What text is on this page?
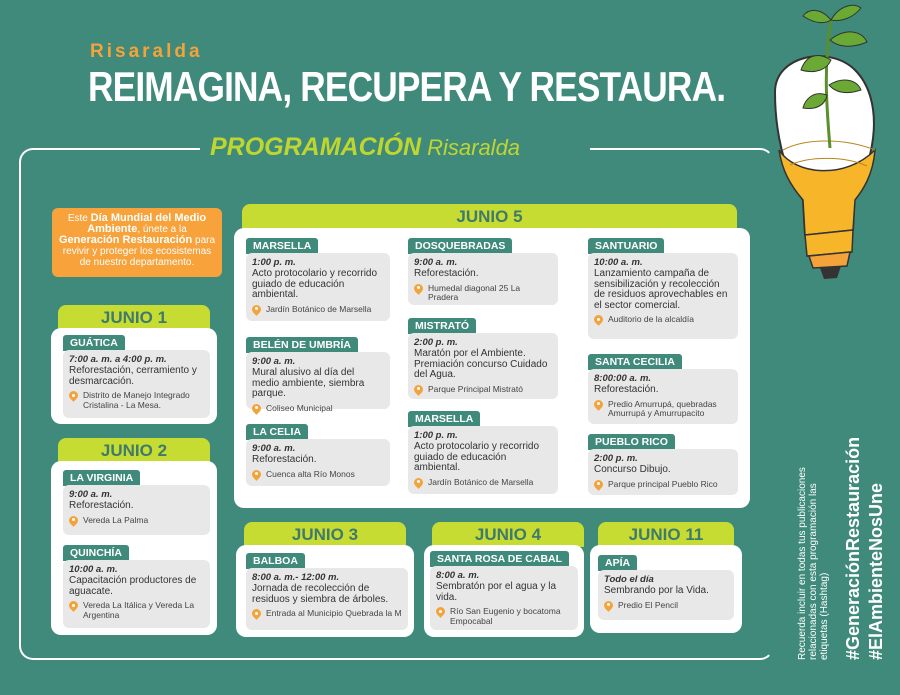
Risaralda
REIMAGINA, RECUPERA Y RESTAURA.
PROGRAMACIÓN Risaralda
Este Día Mundial del Medio Ambiente, únete a la Generación Restauración para revivir y proteger los ecosistemas de nuestro departamento.
JUNIO 1
GUÁTICA
7:00 a. m. a 4:00 p. m.
Reforestación, cerramiento y desmarcación.
Distrito de Manejo Integrado Cristalina - La Mesa.
JUNIO 2
LA VIRGINIA
9:00 a. m.
Reforestación.
Vereda La Palma
QUINCHÍA
10:00 a. m.
Capacitación productores de aguacate.
Vereda La Itálica y Vereda La Argentina
JUNIO 5
MARSELLA
1:00 p. m.
Acto protocolario y recorrido guiado de educación ambiental.
Jardín Botánico de Marsella
BELÉN DE UMBRÍA
9:00 a. m.
Mural alusivo al día del medio ambiente, siembra parque.
Coliseo Municipal
LA CELIA
9:00 a. m.
Reforestación.
Cuenca alta Río Monos
DOSQUEBRADAS
9:00 a. m.
Reforestación.
Humedal diagonal 25 La Pradera
MISTRATÓ
2:00 p. m.
Maratón por el Ambiente. Premiación concurso Cuidado del Agua.
Parque Principal Mistrató
MARSELLA
1:00 p. m.
Acto protocolario y recorrido guiado de educación ambiental.
Jardín Botánico de Marsella
SANTUARIO
10:00 a. m.
Lanzamiento campaña de sensibilización y recolección de residuos aprovechables en el sector comercial.
Auditorio de la alcaldía
SANTA CECILIA
8:00:00 a. m.
Reforestación.
Predio Amurrupá, quebradas Amurrupá y Amurrupacito
PUEBLO RICO
2:00 p. m.
Concurso Dibujo.
Parque principal Pueblo Rico
JUNIO 3
BALBOA
8:00 a. m.- 12:00 m.
Jornada de recolección de residuos y siembra de árboles.
Entrada al Municipio Quebrada la M
JUNIO 4
SANTA ROSA DE CABAL
8:00 a. m.
Sembratón por el agua y la vida.
Río San Eugenio y bocatoma Empocabal
JUNIO 11
APÍA
Todo el día
Sembrando por la Vida.
Predio El Pencil	Recuerda incluir en todas tus publicaciones relacionadas con esta programación las etiquetas (Hashtag) #GeneraciónRestauración #ElAmbienteNosUne
